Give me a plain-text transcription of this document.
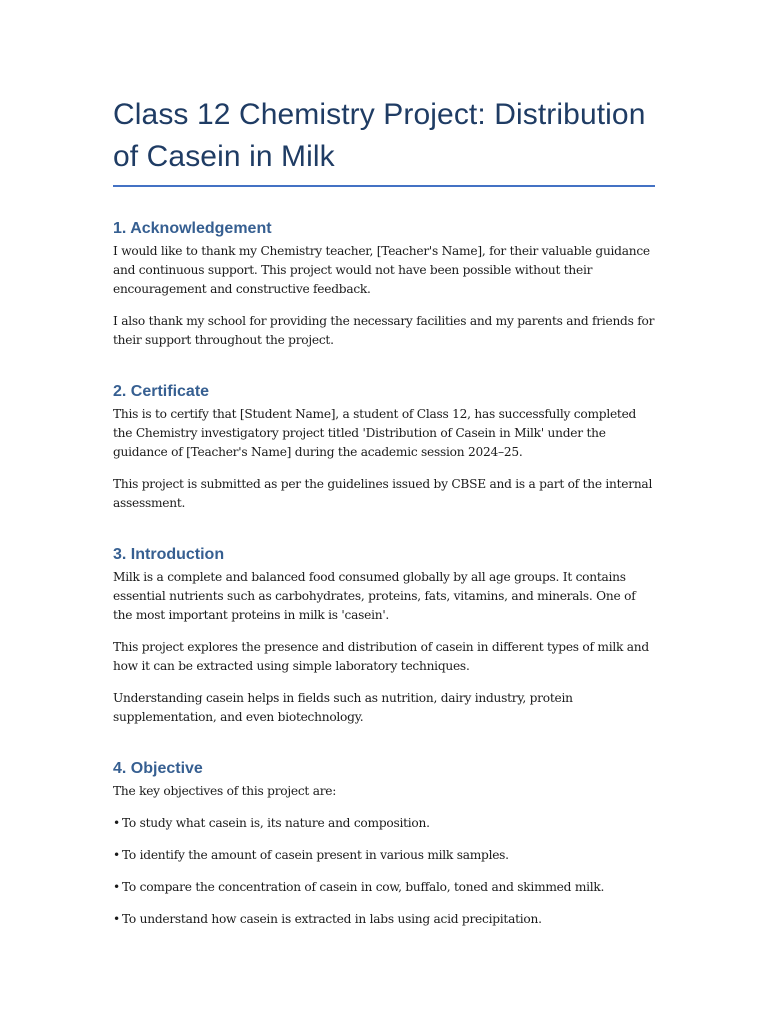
Class 12 Chemistry Project: Distribution of Casein in Milk
1. Acknowledgement

I would like to thank my Chemistry teacher, [Teacher's Name], for their valuable guidance and continuous support. This project would not have been possible without their encouragement and constructive feedback.

I also thank my school for providing the necessary facilities and my parents and friends for their support throughout the project.

2. Certificate

This is to certify that [Student Name], a student of Class 12, has successfully completed the Chemistry investigatory project titled 'Distribution of Casein in Milk' under the guidance of [Teacher's Name] during the academic session 2024–25.

This project is submitted as per the guidelines issued by CBSE and is a part of the internal assessment.

3. Introduction

Milk is a complete and balanced food consumed globally by all age groups. It contains essential nutrients such as carbohydrates, proteins, fats, vitamins, and minerals. One of the most important proteins in milk is 'casein'.

This project explores the presence and distribution of casein in different types of milk and how it can be extracted using simple laboratory techniques.

Understanding casein helps in fields such as nutrition, dairy industry, protein supplementation, and even biotechnology.

4. Objective

The key objectives of this project are:

• To study what casein is, its nature and composition.

• To identify the amount of casein present in various milk samples.

• To compare the concentration of casein in cow, buffalo, toned and skimmed milk.

• To understand how casein is extracted in labs using acid precipitation.
